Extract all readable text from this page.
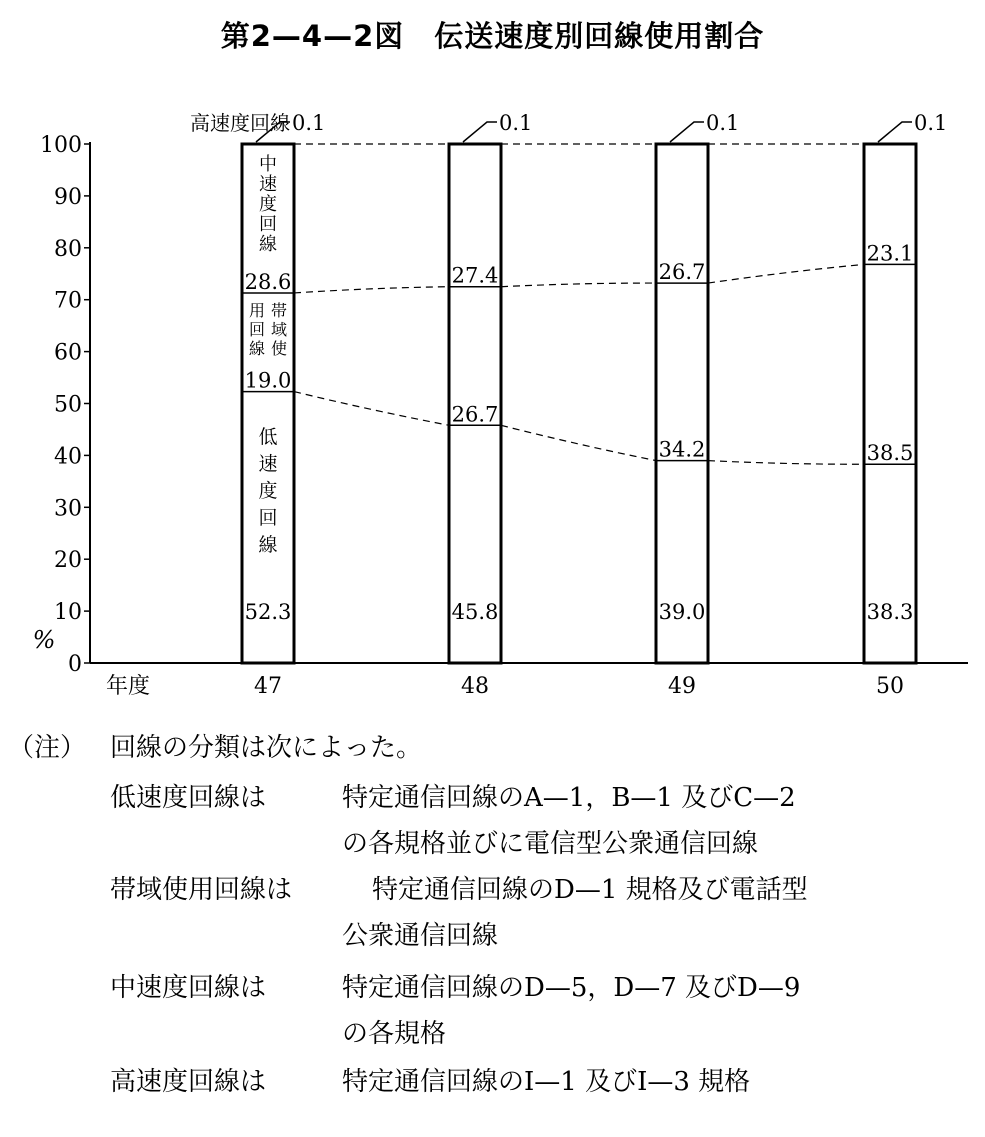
第2—4—2図　伝送速度別回線使用割合
0
10
20
30
40
50
60
70
80
90
100
%
年度	47	48	49	50
52.3
19.0
28.6
0.1
45.8
26.7
27.4
0.1
39.0
34.2
26.7
0.1
38.3
38.5
23.1
0.1
高速度回線
中
速
度
回
線
用
回
線
帯
域
使
低
速
度
回
線
（注） 回線の分類は次によった。
低速度回線は	特定通信回線のA—1，B—1 及びC—2
の各規格並びに電信型公衆通信回線
帯域使用回線は	特定通信回線のD—1 規格及び電話型
公衆通信回線
中速度回線は	特定通信回線のD—5，D—7 及びD—9
の各規格
高速度回線は	特定通信回線のI—1 及びI—3 規格
